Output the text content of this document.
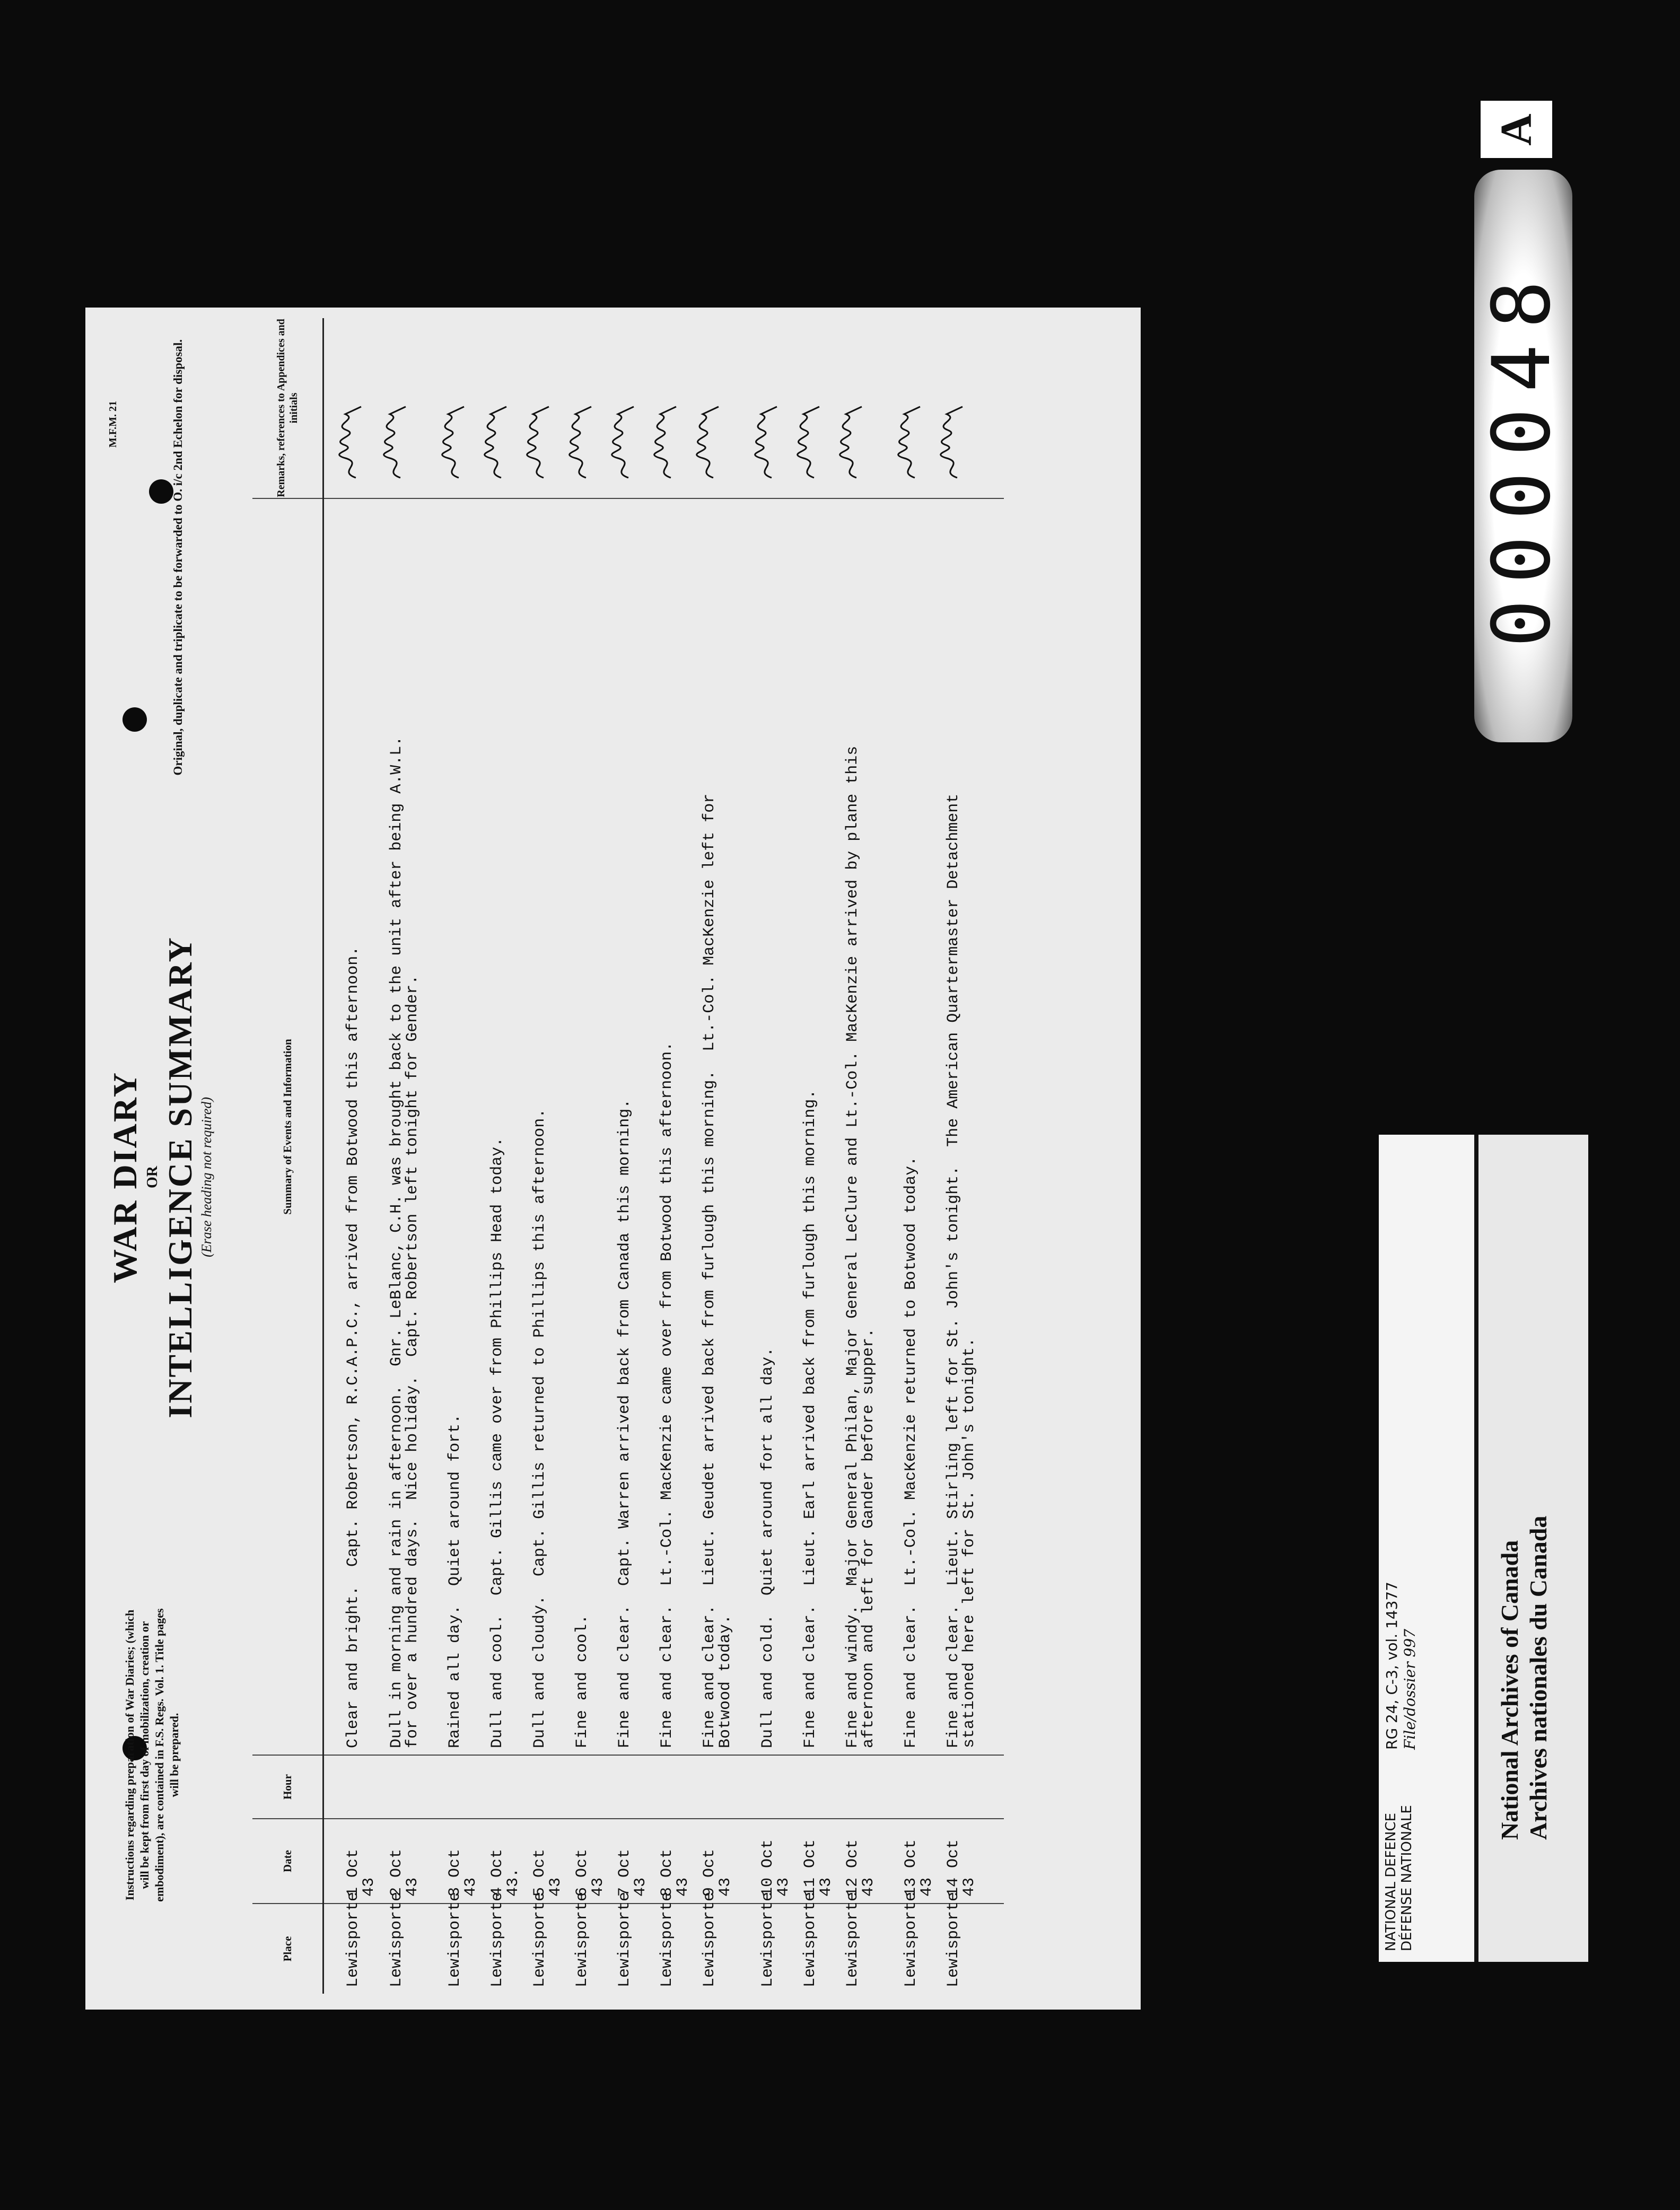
Instructions regarding preparation of War Diaries; (which will be kept from first day of mobilization, creation or embodiment), are contained in F.S. Regs. Vol. 1. Title pages will be prepared.
WAR DIARY OR INTELLIGENCE SUMMARY (Erase heading not required)
M.F.M. 21	Original, duplicate and triplicate to be forwarded to O. i/c 2nd Echelon for disposal.
Place	Date	Hour	Summary of Events and Information	Remarks, references to Appendices and initials
Lewisporte	1 Oct 43		Clear and bright.  Capt. Robertson, R.C.A.P.C., arrived from Botwood this afternoon.	

Lewisporte	2 Oct 43		Dull in morning and rain in afternoon.  Gnr. LeBlanc, C.H. was brought back to the unit after being A.W.L.
for over a hundred days.  Nice holiday.  Capt. Robertson left tonight for Gender.	

Lewisporte	3 Oct 43		Rained all day.  Quiet around fort.	

Lewisporte	4 Oct 43.		Dull and cool.  Capt. Gillis came over from Phillips Head today.	

Lewisporte	5 Oct 43		Dull and cloudy.  Capt. Gillis returned to Phillips this afternoon.	

Lewisporte	6 Oct 43		Fine and cool.	

Lewisporte	7 Oct 43		Fine and clear.  Capt. Warren arrived back from Canada this morning.	

Lewisporte	8 Oct 43		Fine and clear.  Lt.-Col. MacKenzie came over from Botwood this afternoon.	

Lewisporte	9 Oct 43		Fine and clear.  Lieut. Geudet arrived back from furlough this morning.  Lt.-Col. MacKenzie left for
Botwood today.	

Lewisporte	10 Oct 43		Dull and cold.  Quiet around fort all day.	

Lewisporte	11 Oct 43		Fine and clear.  Lieut. Earl arrived back from furlough this morning.	

Lewisporte	12 Oct 43		Fine and windy.  Major General Philan, Major General LeClure and Lt.-Col. MacKenzie arrived by plane this
afternoon and left for Gander before supper.	

Lewisporte	13 Oct 43		Fine and clear.  Lt.-Col. MacKenzie returned to Botwood today.	

Lewisporte	14 Oct 43		Fine and clear.  Lieut. Stirling left for St. John's tonight.  The American Quartermaster Detachment
stationed here left for St. John's tonight.	
A
000048
NATIONAL DEFENCE DÉFENSE NATIONALE
RG 24, C-3, vol. 14377 File/dossier 997	National Archives of Canada Archives nationales du Canada
